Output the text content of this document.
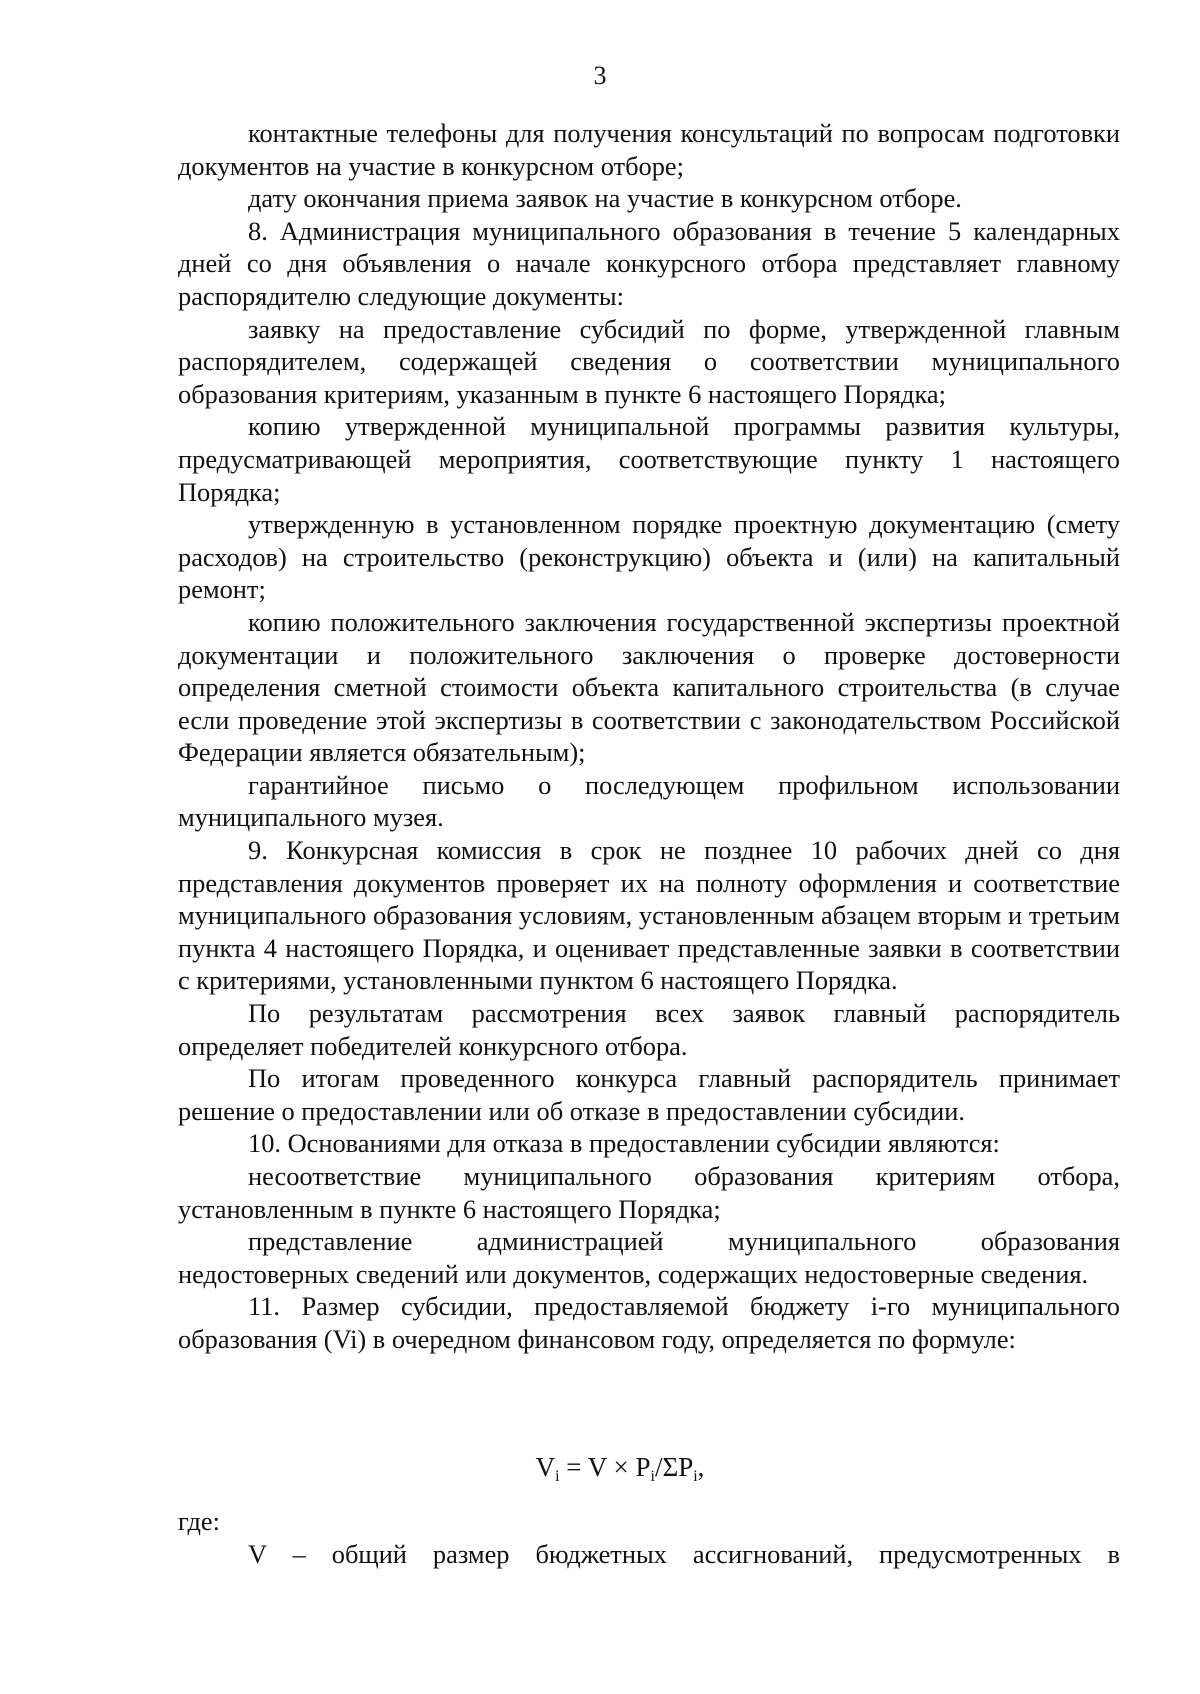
3

контактные телефоны для получения консультаций по вопросам подготовки документов на участие в конкурсном отборе;

дату окончания приема заявок на участие в конкурсном отборе.

8. Администрация муниципального образования в течение 5 календарных дней со дня объявления о начале конкурсного отбора представляет главному распорядителю следующие документы:

заявку на предоставление субсидий по форме, утвержденной главным распорядителем, содержащей сведения о соответствии муниципального образования критериям, указанным в пункте 6 настоящего Порядка;

копию утвержденной муниципальной программы развития культуры, предусматривающей мероприятия, соответствующие пункту 1 настоящего Порядка;

утвержденную в установленном порядке проектную документацию (смету расходов) на строительство (реконструкцию) объекта и (или) на капитальный ремонт;

копию положительного заключения государственной экспертизы проектной документации и положительного заключения о проверке достоверности определения сметной стоимости объекта капитального строительства (в случае если проведение этой экспертизы в соответствии с законодательством Российской Федерации является обязательным);

гарантийное письмо о последующем профильном использовании муниципального музея.

9. Конкурсная комиссия в срок не позднее 10 рабочих дней со дня представления документов проверяет их на полноту оформления и соответствие муниципального образования условиям, установленным абзацем вторым и третьим пункта 4 настоящего Порядка, и оценивает представленные заявки в соответствии с критериями, установленными пунктом 6 настоящего Порядка.

По результатам рассмотрения всех заявок главный распорядитель определяет победителей конкурсного отбора.

По итогам проведенного конкурса главный распорядитель принимает решение о предоставлении или об отказе в предоставлении субсидии.

10. Основаниями для отказа в предоставлении субсидии являются:

несоответствие муниципального образования критериям отбора, установленным в пункте 6 настоящего Порядка;

представление администрацией муниципального образования недостоверных сведений или документов, содержащих недостоверные сведения.

11. Размер субсидии, предоставляемой бюджету i-го муниципального образования (Vi) в очередном финансовом году, определяется по формуле:

$V_i = V \times P_i/\Sigma P_i$,
где:
V – общий размер бюджетных ассигнований, предусмотренных в
